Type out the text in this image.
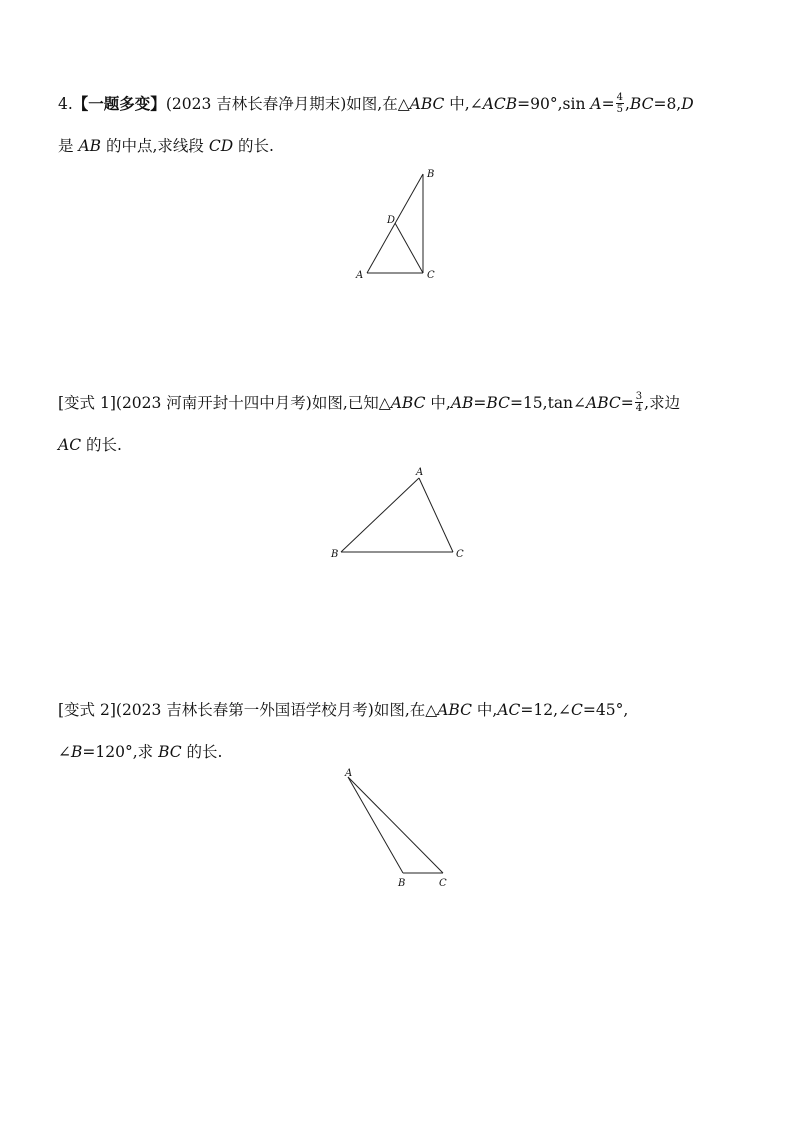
4.【一题多变】(2023 吉林长春净月期末)如图,在△ABC 中,∠ACB=90°,sin $A= \frac{4}{5} ,BC=8,D$

是 AB 的中点,求线段 CD 的长.

B
D
A	C

[变式 1](2023 河南开封十四中月考)如图,已知△ABC 中,AB=BC=15,tan∠ABC= $\frac{3}{4}$ ,求边

AC 的长.

A
B	C

[变式 2](2023 吉林长春第一外国语学校月考)如图,在△ABC 中,AC=12,∠C=45°,

∠B=120°,求 BC 的长.

A
B	C
